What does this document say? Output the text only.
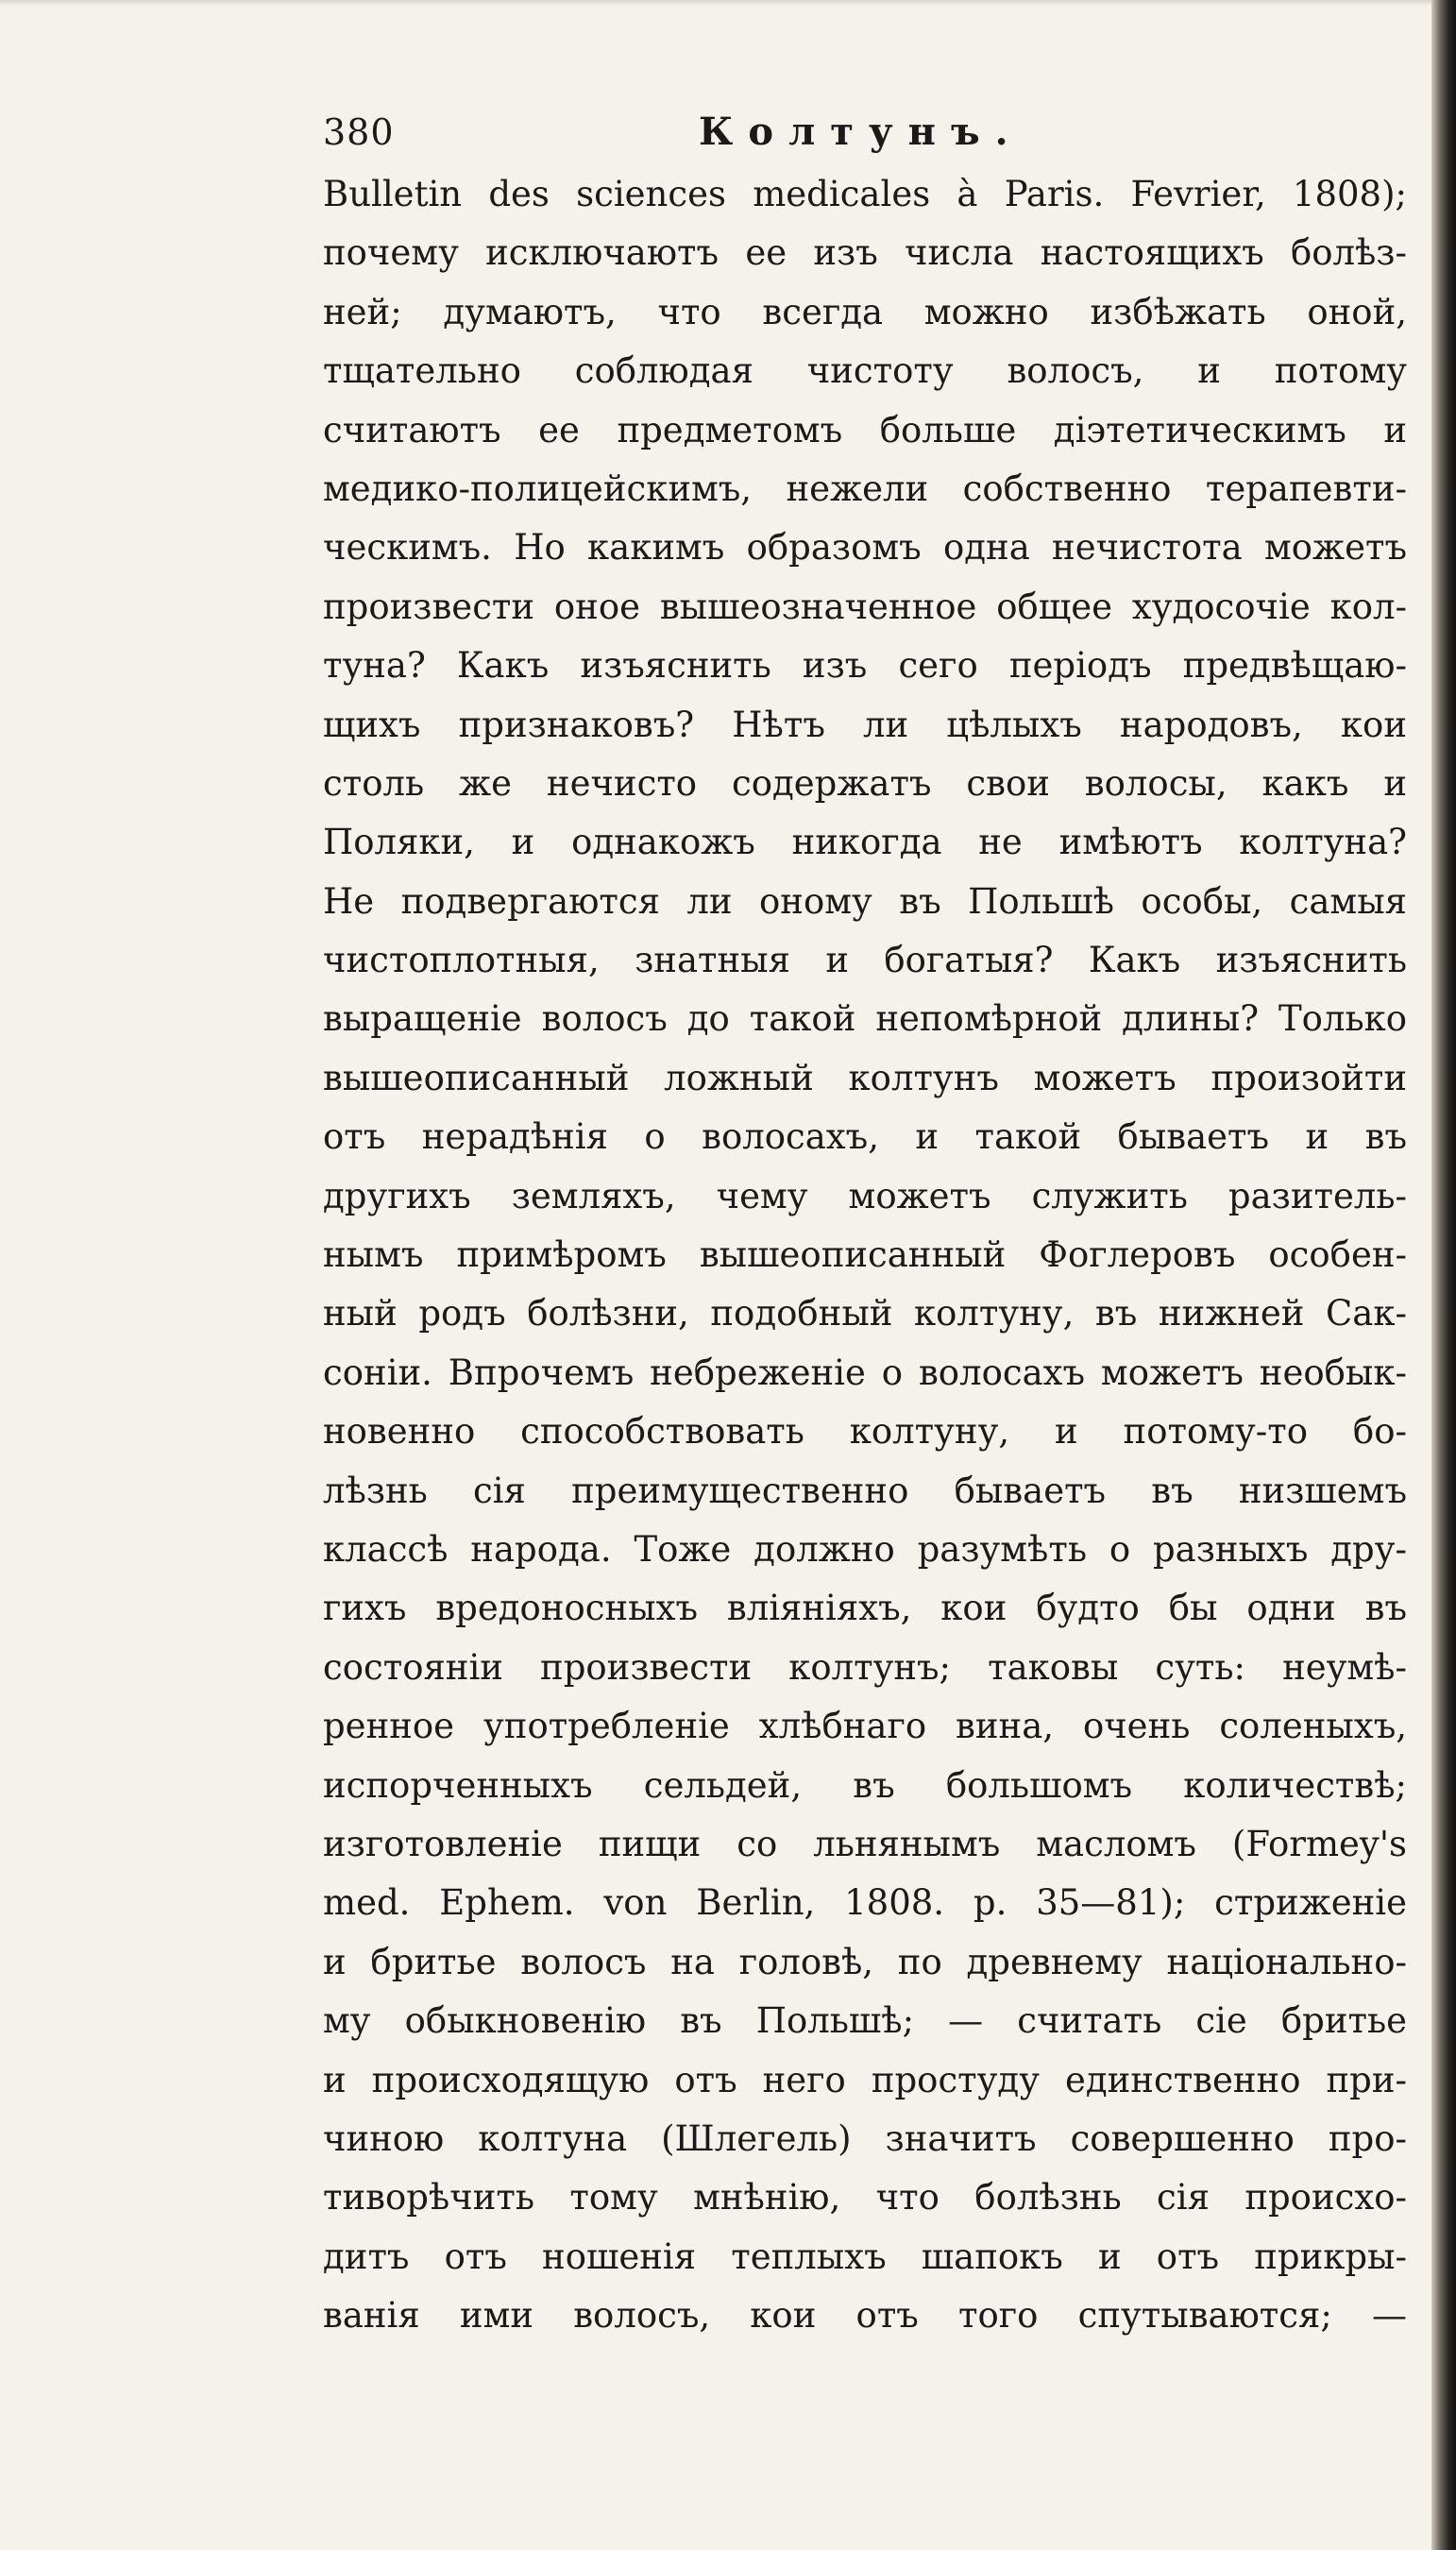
380	Колтунъ.
Bulletin des sciences medicales à Paris. Fevrier, 1808);
почему исключаютъ ее изъ числа настоящихъ болѣз-
ней; думаютъ, что всегда можно избѣжать оной,
тщательно соблюдая чистоту волосъ, и потому
считаютъ ее предметомъ больше діэтетическимъ и
медико-полицейскимъ, нежели собственно терапевти-
ческимъ. Но какимъ образомъ одна нечистота можетъ
произвести оное вышеозначенное общее худосочіе кол-
туна? Какъ изъяснить изъ сего періодъ предвѣщаю-
щихъ признаковъ? Нѣтъ ли цѣлыхъ народовъ, кои
столь же нечисто содержатъ свои волосы, какъ и
Поляки, и однакожъ никогда не имѣютъ колтуна?
Не подвергаются ли оному въ Польшѣ особы, самыя
чистоплотныя, знатныя и богатыя? Какъ изъяснить
выращеніе волосъ до такой непомѣрной длины? Только
вышеописанный ложный колтунъ можетъ произойти
отъ нерадѣнія о волосахъ, и такой бываетъ и въ
другихъ земляхъ, чему можетъ служить разитель-
нымъ примѣромъ вышеописанный Фоглеровъ особен-
ный родъ болѣзни, подобный колтуну, въ нижней Сак-
соніи. Впрочемъ небреженіе о волосахъ можетъ необык-
новенно способствовать колтуну, и потому-то бо-
лѣзнь сія преимущественно бываетъ въ низшемъ
классѣ народа. Тоже должно разумѣть о разныхъ дру-
гихъ вредоносныхъ вліяніяхъ, кои будто бы одни въ
состояніи произвести колтунъ; таковы суть: неумѣ-
ренное употребленіе хлѣбнаго вина, очень соленыхъ,
испорченныхъ сельдей, въ большомъ количествѣ;
изготовленіе пищи со льнянымъ масломъ (Formey's
med. Ephem. von Berlin, 1808. p. 35—81); стриженіе
и бритье волосъ на головѣ, по древнему національно-
му обыкновенію въ Польшѣ; — считать сіе бритье
и происходящую отъ него простуду единственно при-
чиною колтуна (Шлегель) значитъ совершенно про-
тиворѣчить тому мнѣнію, что болѣзнь сія происхо-
дитъ отъ ношенія теплыхъ шапокъ и отъ прикры-
ванія ими волосъ, кои отъ того спутываются; —
